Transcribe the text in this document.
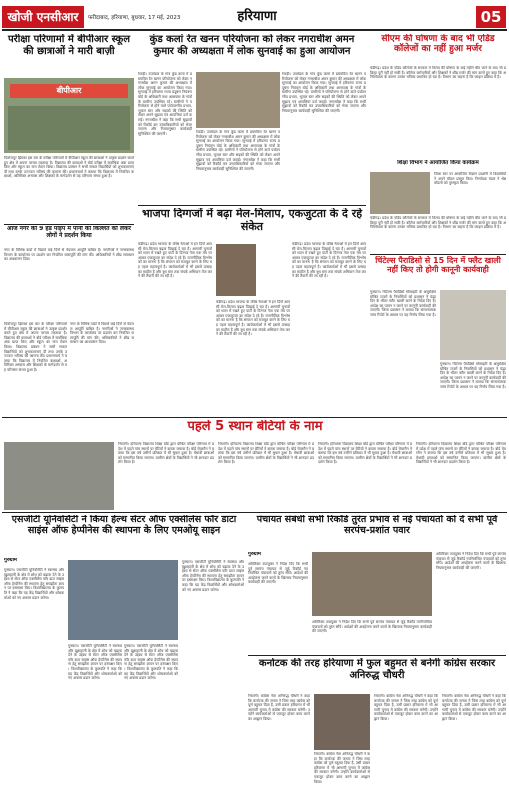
खोजी एनसीआर	फरीदाबाद, हरियाणा, बुधवार, 17 मई, 2023	हरियाणा	05
परीक्षा परिणामों में बीपीआर स्कूल की छात्राओं ने मारी बाज़ी
बीपीआर
फिरोजपुर झिरका इस बार के परीक्षा परिणामों में बीपीआर स्कूल की छात्राओं ने उत्कृष्ट प्रदर्शन करते हुए क्षेत्र में अपना परचम लहराया है। विद्यालय की छात्राओं ने बोर्ड परीक्षा में सर्वाधिक अंक प्राप्त किए और स्कूल का नाम रोशन किया। विद्यालय प्रबंधन ने सभी सफल विद्यार्थियों को शुभकामनाएं दीं तथा उनके उज्ज्वल भविष्य की कामना की। प्रधानाचार्य ने बताया कि विद्यालय में नियमित कक्षाओं, अतिरिक्त अभ्यास और शिक्षकों के मार्गदर्शन से यह परिणाम संभव हुआ है।
आज नगर की 9 हेड पाइप में पानी की किल्लत को लेकर लोगों ने प्रदर्शन किया
नगर के विभिन्न वार्डों में पिछले कई दिनों से पेयजल आपूर्ति बाधित है। नागरिकों ने जनस्वास्थ्य विभाग के कार्यालय पर प्रदर्शन कर नियमित जलापूर्ति की मांग की। अधिकारियों ने शीघ्र समाधान का आश्वासन दिया।
फिरोजपुर झिरका इस बार के परीक्षा परिणामों में बीपीआर स्कूल की छात्राओं ने उत्कृष्ट प्रदर्शन करते हुए क्षेत्र में अपना परचम लहराया है। विद्यालय की छात्राओं ने बोर्ड परीक्षा में सर्वाधिक अंक प्राप्त किए और स्कूल का नाम रोशन किया। विद्यालय प्रबंधन ने सभी सफल विद्यार्थियों को शुभकामनाएं दीं तथा उनके उज्ज्वल भविष्य की कामना की। प्रधानाचार्य ने बताया कि विद्यालय में नियमित कक्षाओं, अतिरिक्त अभ्यास और शिक्षकों के मार्गदर्शन से यह परिणाम संभव हुआ है।
नगर के विभिन्न वार्डों में पिछले कई दिनों से पेयजल आपूर्ति बाधित है। नागरिकों ने जनस्वास्थ्य विभाग के कार्यालय पर प्रदर्शन कर नियमित जलापूर्ति की मांग की। अधिकारियों ने शीघ्र समाधान का आश्वासन दिया।
कुंड कलां रेत खनन परियोजना को लेकर नगराधीश अमन कुमार की अध्यक्षता में लोक सुनवाई का हुआ आयोजन
रेवाड़ी। उपमंडल के गांव कुंड कलां में प्रस्तावित रेत खनन परियोजना को लेकर नगराधीश अमन कुमार की अध्यक्षता में लोक सुनवाई का आयोजन किया गया। सुनवाई में हरियाणा राज्य प्रदूषण नियंत्रण बोर्ड के अधिकारी तथा आसपास के गांवों के ग्रामीण उपस्थित रहे। ग्रामीणों ने परियोजना से होने वाले पर्यावरणीय प्रभाव, भूजल स्तर और सड़कों की स्थिति को लेकर अपने सुझाव एवं आपत्तियां दर्ज कराईं। नगराधीश ने कहा कि सभी सुझावों को रिकॉर्ड कर उच्चाधिकारियों को भेजा जाएगा और नियमानुसार कार्यवाही सुनिश्चित की जाएगी।
रेवाड़ी। उपमंडल के गांव कुंड कलां में प्रस्तावित रेत खनन परियोजना को लेकर नगराधीश अमन कुमार की अध्यक्षता में लोक सुनवाई का आयोजन किया गया। सुनवाई में हरियाणा राज्य प्रदूषण नियंत्रण बोर्ड के अधिकारी तथा आसपास के गांवों के ग्रामीण उपस्थित रहे। ग्रामीणों ने परियोजना से होने वाले पर्यावरणीय प्रभाव, भूजल स्तर और सड़कों की स्थिति को लेकर अपने सुझाव एवं आपत्तियां दर्ज कराईं। नगराधीश ने कहा कि सभी सुझावों को रिकॉर्ड कर उच्चाधिकारियों को भेजा जाएगा और नियमानुसार कार्यवाही सुनिश्चित की जाएगी।
रेवाड़ी। उपमंडल के गांव कुंड कलां में प्रस्तावित रेत खनन परियोजना को लेकर नगराधीश अमन कुमार की अध्यक्षता में लोक सुनवाई का आयोजन किया गया। सुनवाई में हरियाणा राज्य प्रदूषण नियंत्रण बोर्ड के अधिकारी तथा आसपास के गांवों के ग्रामीण उपस्थित रहे। ग्रामीणों ने परियोजना से होने वाले पर्यावरणीय प्रभाव, भूजल स्तर और सड़कों की स्थिति को लेकर अपने सुझाव एवं आपत्तियां दर्ज कराईं। नगराधीश ने कहा कि सभी सुझावों को रिकॉर्ड कर उच्चाधिकारियों को भेजा जाएगा और नियमानुसार कार्यवाही सुनिश्चित की जाएगी।
भाजपा दिग्गजों में बढ़ा मेल-मिलाप, एकजुटता के दे रहे संकेत
चंडीगढ़। प्रदेश भाजपा के वरिष्ठ नेताओं में इन दिनों आपसी मेल-मिलाप बढ़ता दिखाई दे रहा है। आगामी चुनावों को ध्यान में रखते हुए पार्टी के दिग्गज नेता एक मंच पर आकर एकजुटता का संदेश दे रहे हैं। राजनीतिक विश्लेषकों का मानना है कि संगठन को मजबूत करने के लिए यह पहल महत्वपूर्ण है। कार्यकर्ताओं में भी इससे उत्साह का माहौल है और बूथ स्तर तक संपर्क अभियान तेज करने की तैयारी की जा रही है।
चंडीगढ़। प्रदेश भाजपा के वरिष्ठ नेताओं में इन दिनों आपसी मेल-मिलाप बढ़ता दिखाई दे रहा है। आगामी चुनावों को ध्यान में रखते हुए पार्टी के दिग्गज नेता एक मंच पर आकर एकजुटता का संदेश दे रहे हैं। राजनीतिक विश्लेषकों का मानना है कि संगठन को मजबूत करने के लिए यह पहल महत्वपूर्ण है। कार्यकर्ताओं में भी इससे उत्साह का माहौल है और बूथ स्तर तक संपर्क अभियान तेज करने की तैयारी की जा रही है।
चंडीगढ़। प्रदेश भाजपा के वरिष्ठ नेताओं में इन दिनों आपसी मेल-मिलाप बढ़ता दिखाई दे रहा है। आगामी चुनावों को ध्यान में रखते हुए पार्टी के दिग्गज नेता एक मंच पर आकर एकजुटता का संदेश दे रहे हैं। राजनीतिक विश्लेषकों का मानना है कि संगठन को मजबूत करने के लिए यह पहल महत्वपूर्ण है। कार्यकर्ताओं में भी इससे उत्साह का माहौल है और बूथ स्तर तक संपर्क अभियान तेज करने की तैयारी की जा रही है।
सीएम की घोषणा के बाद भी एडिड कॉलेजों का नहीं हुआ मर्जर
चंडीगढ़। प्रदेश के एडिड कॉलेजों के सरकार में विलय की घोषणा के कई महीने बीत जाने के बाद भी प्रक्रिया पूरी नहीं हो सकी है। कॉलेज कर्मचारियों और शिक्षकों ने शीघ्र मर्जर की मांग करते हुए कहा कि अनिश्चितता के कारण उनका भविष्य प्रभावित हो रहा है। विभाग का कहना है कि फाइल प्रक्रिया में है।
शिक्षा विभाग ने आयोजित किया कार्यक्रम
जिला स्तर पर आयोजित विज्ञान प्रदर्शनी में विद्यार्थियों ने अपने मॉडल प्रस्तुत किए। निर्णायक मंडल ने श्रेष्ठ मॉडलों को पुरस्कृत किया।
चंडीगढ़। प्रदेश के एडिड कॉलेजों के सरकार में विलय की घोषणा के कई महीने बीत जाने के बाद भी प्रक्रिया पूरी नहीं हो सकी है। कॉलेज कर्मचारियों और शिक्षकों ने शीघ्र मर्जर की मांग करते हुए कहा कि अनिश्चितता के कारण उनका भविष्य प्रभावित हो रहा है। विभाग का कहना है कि फाइल प्रक्रिया में है।
चिंटेल्स पैराडिसो से 15 दिन में फ्लैट खाली नहीं किए तो होगी कानूनी कार्यवाही
गुरुग्राम। चिंटेल्स पैराडिसो सोसाइटी के असुरक्षित घोषित टावरों के निवासियों को प्रशासन ने पंद्रह दिन के भीतर फ्लैट खाली करने के निर्देश दिए हैं। आदेश का पालन न करने पर कानूनी कार्यवाही की जाएगी। जिला प्रशासन ने बताया कि संरचनात्मक जांच रिपोर्ट के आधार पर यह निर्णय लिया गया है।
गुरुग्राम। चिंटेल्स पैराडिसो सोसाइटी के असुरक्षित घोषित टावरों के निवासियों को प्रशासन ने पंद्रह दिन के भीतर फ्लैट खाली करने के निर्देश दिए हैं। आदेश का पालन न करने पर कानूनी कार्यवाही की जाएगी। जिला प्रशासन ने बताया कि संरचनात्मक जांच रिपोर्ट के आधार पर यह निर्णय लिया गया है।
पहले 5 स्थान बेटियों के नाम
भिवानी। हरियाणा विद्यालय शिक्षा बोर्ड द्वारा घोषित परीक्षा परिणाम में प्रदेश में पहले पांच स्थानों पर बेटियों ने कब्जा जमाया है। बोर्ड चेयरमैन ने बताया कि इस वर्ष उत्तीर्ण प्रतिशत में भी सुधार हुआ है। मेधावी छात्राओं को सम्मानित किया जाएगा। ग्रामीण क्षेत्रों के विद्यार्थियों ने भी शानदार प्रदर्शन किया है।
भिवानी। हरियाणा विद्यालय शिक्षा बोर्ड द्वारा घोषित परीक्षा परिणाम में प्रदेश में पहले पांच स्थानों पर बेटियों ने कब्जा जमाया है। बोर्ड चेयरमैन ने बताया कि इस वर्ष उत्तीर्ण प्रतिशत में भी सुधार हुआ है। मेधावी छात्राओं को सम्मानित किया जाएगा। ग्रामीण क्षेत्रों के विद्यार्थियों ने भी शानदार प्रदर्शन किया है।
भिवानी। हरियाणा विद्यालय शिक्षा बोर्ड द्वारा घोषित परीक्षा परिणाम में प्रदेश में पहले पांच स्थानों पर बेटियों ने कब्जा जमाया है। बोर्ड चेयरमैन ने बताया कि इस वर्ष उत्तीर्ण प्रतिशत में भी सुधार हुआ है। मेधावी छात्राओं को सम्मानित किया जाएगा। ग्रामीण क्षेत्रों के विद्यार्थियों ने भी शानदार प्रदर्शन किया है।
भिवानी। हरियाणा विद्यालय शिक्षा बोर्ड द्वारा घोषित परीक्षा परिणाम में प्रदेश में पहले पांच स्थानों पर बेटियों ने कब्जा जमाया है। बोर्ड चेयरमैन ने बताया कि इस वर्ष उत्तीर्ण प्रतिशत में भी सुधार हुआ है। मेधावी छात्राओं को सम्मानित किया जाएगा। ग्रामीण क्षेत्रों के विद्यार्थियों ने भी शानदार प्रदर्शन किया है।
एसजीटी यूनिवर्सिटी ने किया हेल्थ सेंटर ऑफ एक्सीलेंस फॉर डाटा साइंस ऑफ हेप्पीनेस की स्थापना के लिए एमओयू साइन
गुरुग्राम
गुरुग्राम। एसजीटी यूनिवर्सिटी ने स्वास्थ्य और खुशहाली के क्षेत्र में शोध को बढ़ावा देने के उद्देश्य से सेंटर ऑफ एक्सीलेंस फॉर डाटा साइंस ऑफ हेप्पीनेस की स्थापना हेतु समझौता ज्ञापन पर हस्ताक्षर किए। विश्वविद्यालय के कुलपति ने कहा कि यह केंद्र विद्यार्थियों और शोधकर्ताओं को नए अवसर प्रदान करेगा।
गुरुग्राम। एसजीटी यूनिवर्सिटी ने स्वास्थ्य और खुशहाली के क्षेत्र में शोध को बढ़ावा देने के उद्देश्य से सेंटर ऑफ एक्सीलेंस फॉर डाटा साइंस ऑफ हेप्पीनेस की स्थापना हेतु समझौता ज्ञापन पर हस्ताक्षर किए। विश्वविद्यालय के कुलपति ने कहा कि यह केंद्र विद्यार्थियों और शोधकर्ताओं को नए अवसर प्रदान करेगा।
गुरुग्राम। एसजीटी यूनिवर्सिटी ने स्वास्थ्य और खुशहाली के क्षेत्र में शोध को बढ़ावा देने के उद्देश्य से सेंटर ऑफ एक्सीलेंस फॉर डाटा साइंस ऑफ हेप्पीनेस की स्थापना हेतु समझौता ज्ञापन पर हस्ताक्षर किए। विश्वविद्यालय के कुलपति ने कहा कि यह केंद्र विद्यार्थियों और शोधकर्ताओं को नए अवसर प्रदान करेगा।
गुरुग्राम। एसजीटी यूनिवर्सिटी ने स्वास्थ्य और खुशहाली के क्षेत्र में शोध को बढ़ावा देने के उद्देश्य से सेंटर ऑफ एक्सीलेंस फॉर डाटा साइंस ऑफ हेप्पीनेस की स्थापना हेतु समझौता ज्ञापन पर हस्ताक्षर किए। विश्वविद्यालय के कुलपति ने कहा कि यह केंद्र विद्यार्थियों और शोधकर्ताओं को नए अवसर प्रदान करेगा।
पंचायत संबंधी सभी रिकॉर्ड तुरंत प्रभाव से नई पंचायतों को दें सभी पूर्व सरपंच-प्रशांत पवार
गुरुग्राम
अतिरिक्त उपायुक्त ने निर्देश दिए कि सभी पूर्व सरपंच पंचायत से जुड़े रिकॉर्ड नवनिर्वाचित पंचायतों को तुरंत सौंपें। आदेशों की अवहेलना करने वालों के खिलाफ नियमानुसार कार्यवाही की जाएगी।
अतिरिक्त उपायुक्त ने निर्देश दिए कि सभी पूर्व सरपंच पंचायत से जुड़े रिकॉर्ड नवनिर्वाचित पंचायतों को तुरंत सौंपें। आदेशों की अवहेलना करने वालों के खिलाफ नियमानुसार कार्यवाही की जाएगी।
अतिरिक्त उपायुक्त ने निर्देश दिए कि सभी पूर्व सरपंच पंचायत से जुड़े रिकॉर्ड नवनिर्वाचित पंचायतों को तुरंत सौंपें। आदेशों की अवहेलना करने वालों के खिलाफ नियमानुसार कार्यवाही की जाएगी।
कर्नाटक की तरह हरियाणा में फुल बहुमत से बनेगी कांग्रेस सरकार अनिरुद्ध चौधरी
भिवानी। कांग्रेस नेता अनिरुद्ध चौधरी ने कहा कि कर्नाटक की जनता ने जिस तरह कांग्रेस को पूर्ण बहुमत दिया है, उसी प्रकार हरियाणा में भी आगामी चुनाव में कांग्रेस की सरकार बनेगी। उन्होंने कार्यकर्ताओं से एकजुट होकर काम करने का आह्वान किया।
भिवानी। कांग्रेस नेता अनिरुद्ध चौधरी ने कहा कि कर्नाटक की जनता ने जिस तरह कांग्रेस को पूर्ण बहुमत दिया है, उसी प्रकार हरियाणा में भी आगामी चुनाव में कांग्रेस की सरकार बनेगी। उन्होंने कार्यकर्ताओं से एकजुट होकर काम करने का आह्वान किया।
भिवानी। कांग्रेस नेता अनिरुद्ध चौधरी ने कहा कि कर्नाटक की जनता ने जिस तरह कांग्रेस को पूर्ण बहुमत दिया है, उसी प्रकार हरियाणा में भी आगामी चुनाव में कांग्रेस की सरकार बनेगी। उन्होंने कार्यकर्ताओं से एकजुट होकर काम करने का आह्वान किया।
भिवानी। कांग्रेस नेता अनिरुद्ध चौधरी ने कहा कि कर्नाटक की जनता ने जिस तरह कांग्रेस को पूर्ण बहुमत दिया है, उसी प्रकार हरियाणा में भी आगामी चुनाव में कांग्रेस की सरकार बनेगी। उन्होंने कार्यकर्ताओं से एकजुट होकर काम करने का आह्वान किया।
